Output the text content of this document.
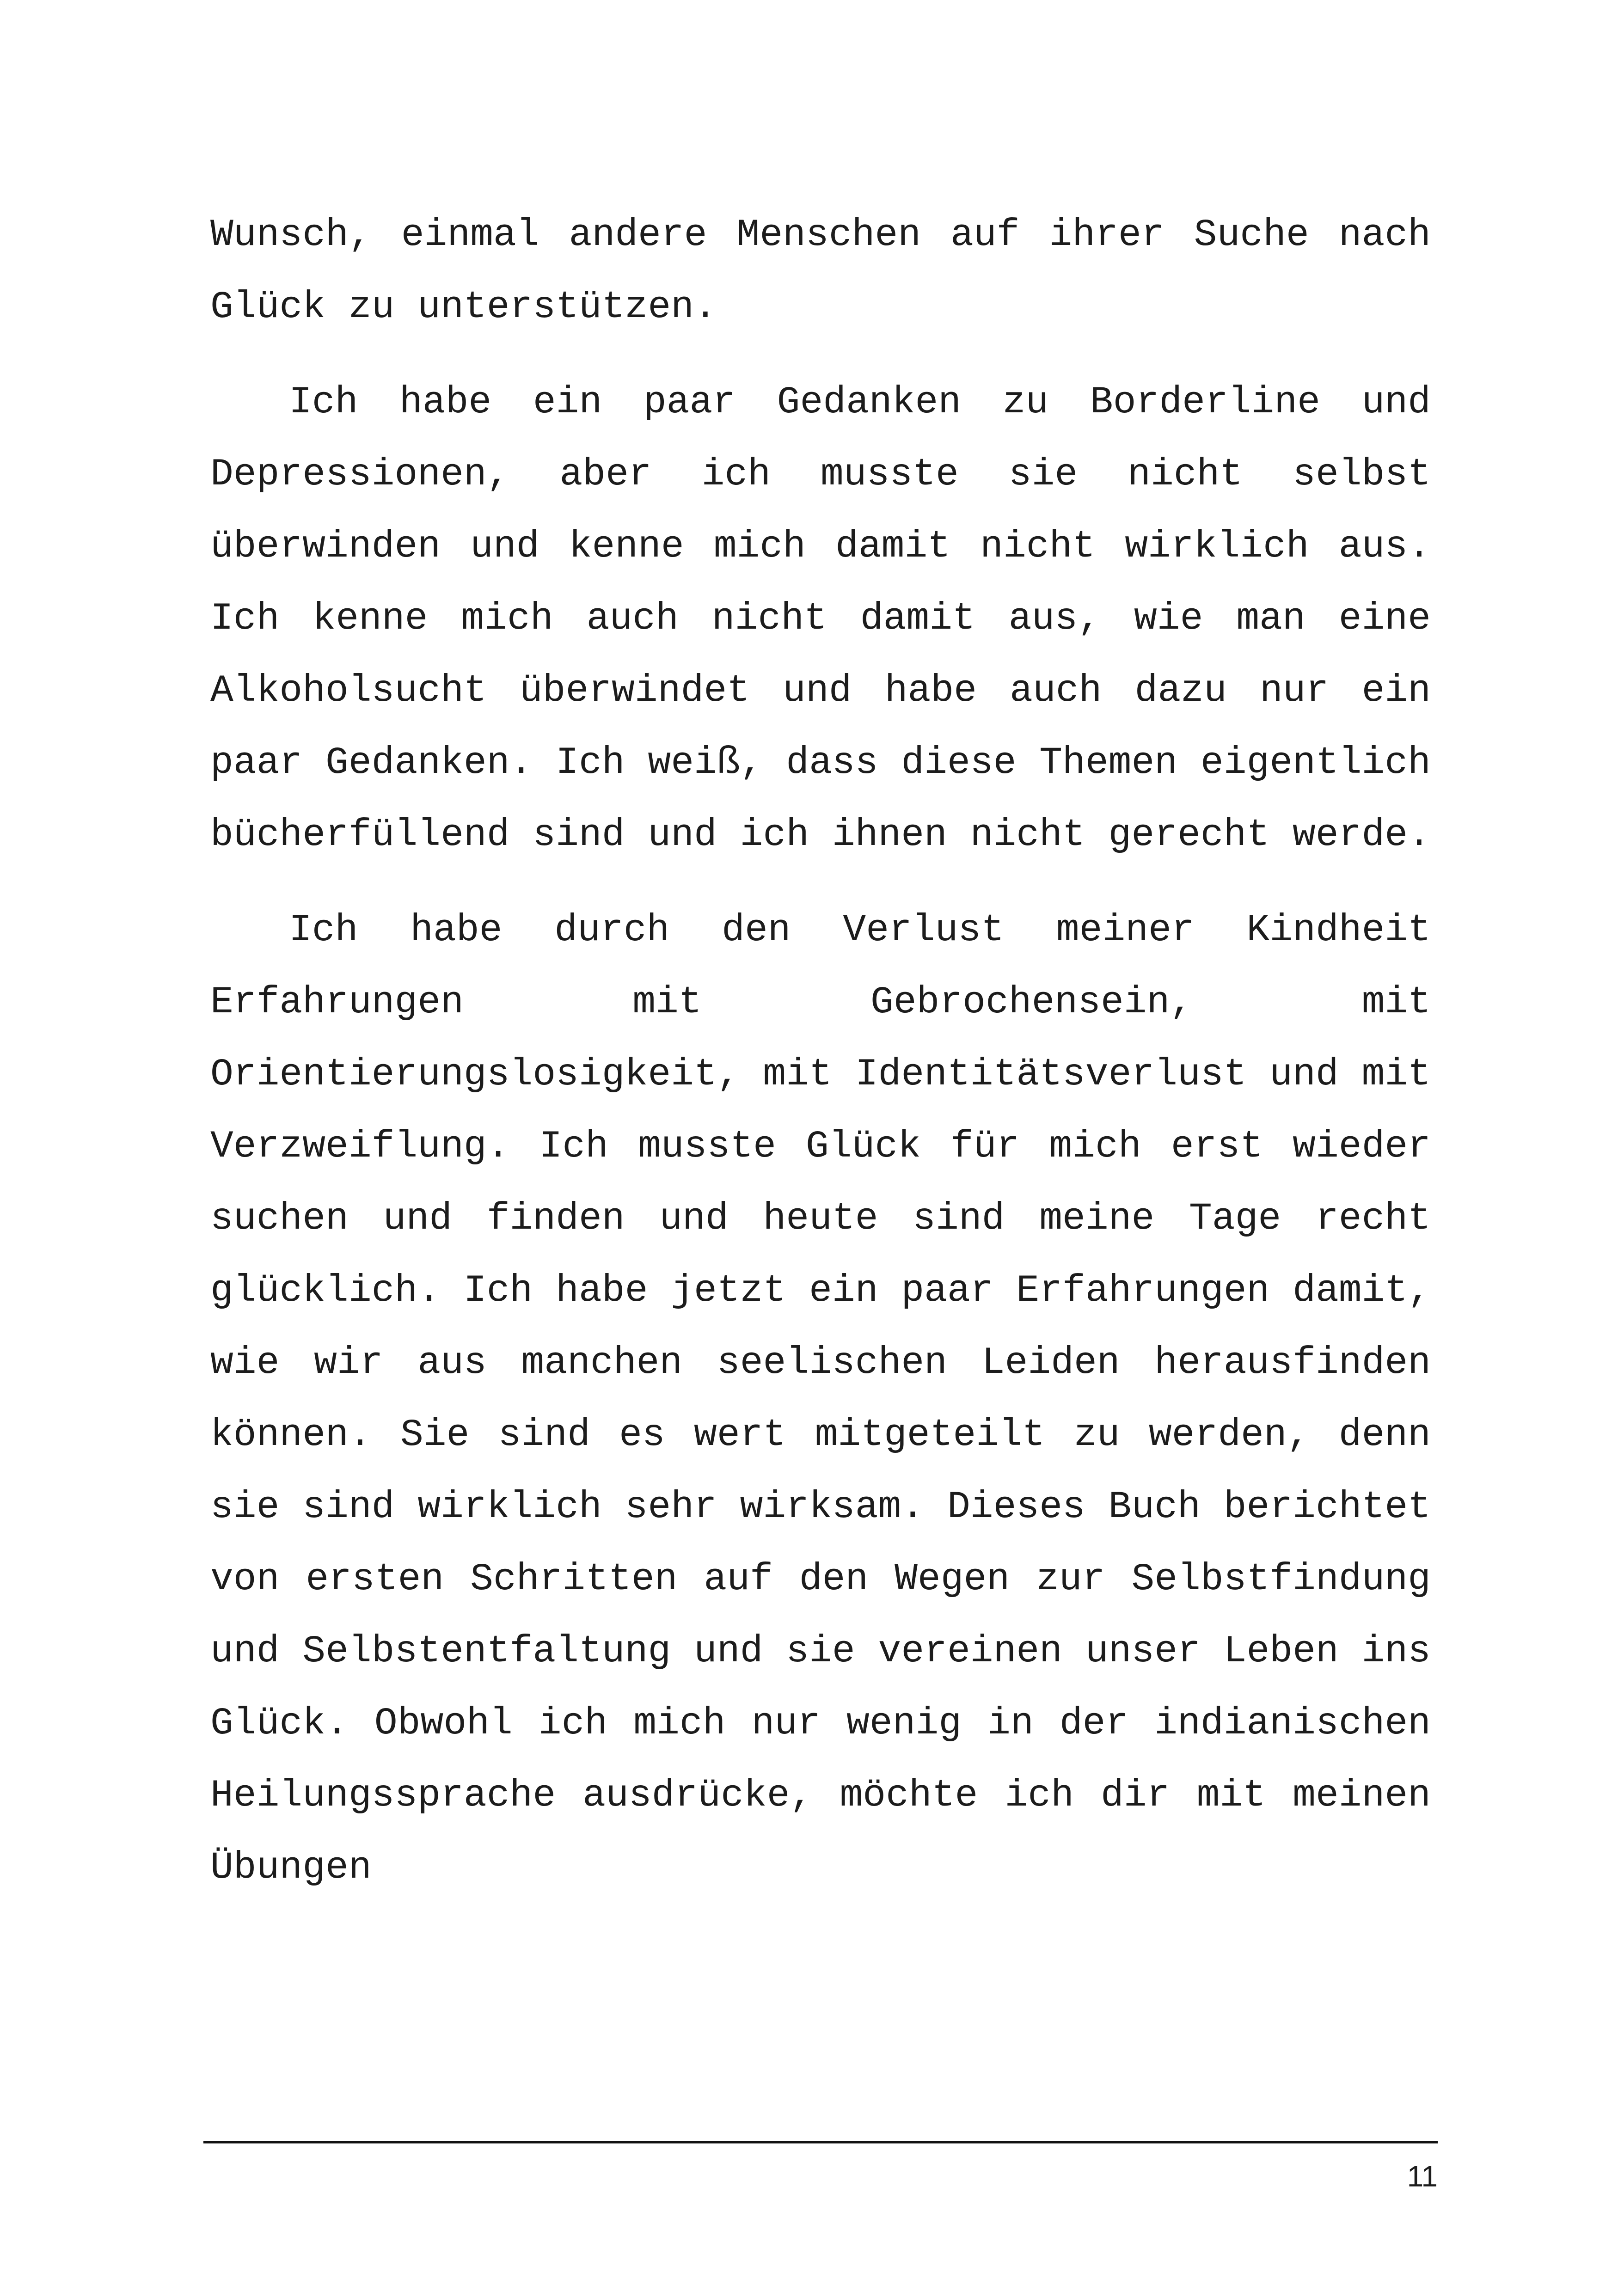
Wunsch, einmal andere Menschen auf ihrer Suche nach Glück zu unterstützen.

Ich habe ein paar Gedanken zu Borderline und Depressionen, aber ich musste sie nicht selbst überwinden und kenne mich damit nicht wirklich aus. Ich kenne mich auch nicht damit aus, wie man eine Alkoholsucht überwindet und habe auch dazu nur ein paar Gedanken. Ich weiß, dass diese Themen eigentlich bücherfüllend sind und ich ihnen nicht gerecht werde.

Ich habe durch den Verlust meiner Kindheit Erfahrungen mit Gebrochensein, mit Orientierungslosigkeit, mit Identitätsverlust und mit Verzweiflung. Ich musste Glück für mich erst wieder suchen und finden und heute sind meine Tage recht glücklich. Ich habe jetzt ein paar Erfahrungen damit, wie wir aus manchen seelischen Leiden herausfinden können. Sie sind es wert mitgeteilt zu werden, denn sie sind wirklich sehr wirksam. Dieses Buch berichtet von ersten Schritten auf den Wegen zur Selbstfindung und Selbstentfaltung und sie vereinen unser Leben ins Glück. Obwohl ich mich nur wenig in der indianischen Heilungssprache ausdrücke, möchte ich dir mit meinen Übungen

11
